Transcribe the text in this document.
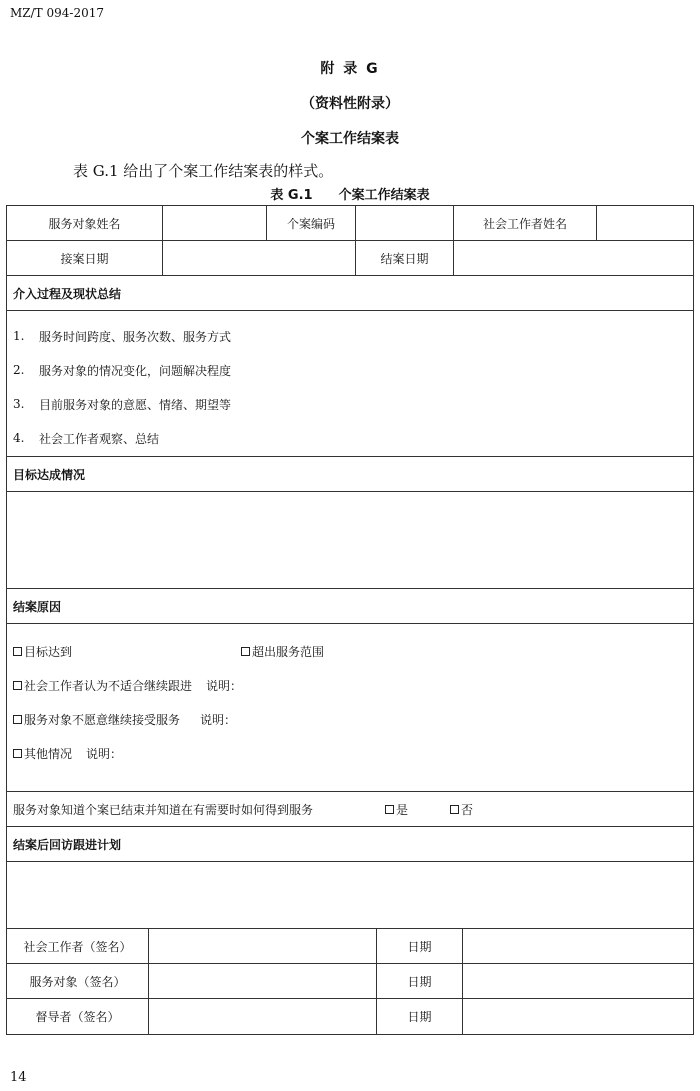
MZ/T 094-2017
附 录 G
（资料性附录）
个案工作结案表
表 G.1 给出了个案工作结案表的样式。
表 G.1　　个案工作结案表
服务对象姓名	个案编码	社会工作者姓名
接案日期	结案日期
介入过程及现状总结
1.	服务时间跨度、服务次数、服务方式
2.	服务对象的情况变化，问题解决程度
3.	目前服务对象的意愿、情绪、期望等
4.	社会工作者观察、总结
目标达成情况
结案原因
目标达到	超出服务范围
社会工作者认为不适合继续跟进 说明：
服务对象不愿意继续接受服务 说明：
其他情况 说明：
服务对象知道个案已结束并知道在有需要时如何得到服务	是	否
结案后回访跟进计划
社会工作者（签名）	日期
服务对象（签名）	日期
督导者（签名）	日期
14
